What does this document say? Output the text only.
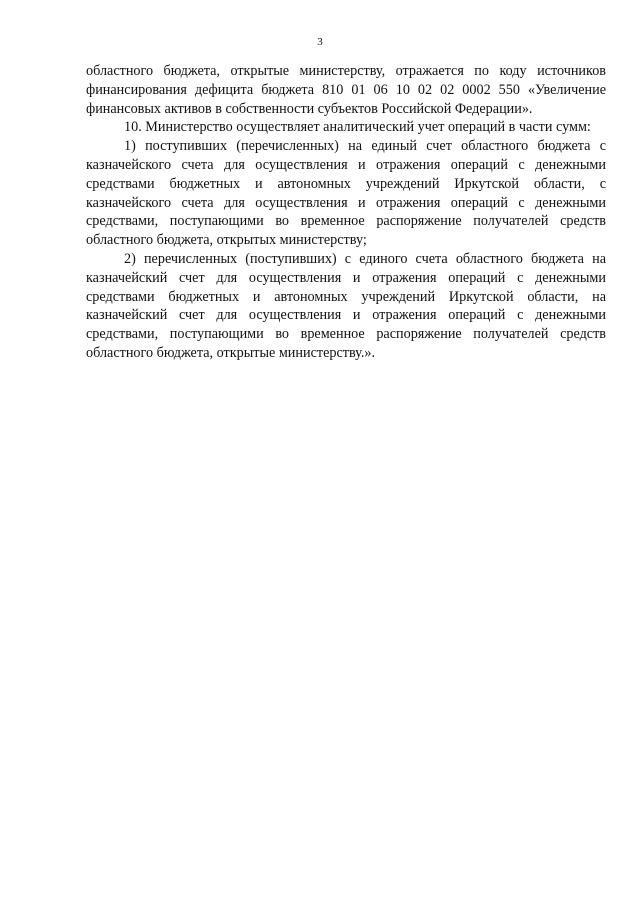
3

областного бюджета, открытые министерству, отражается по коду источников финансирования дефицита бюджета 810 01 06 10 02 02 0002 550 «Увеличение финансовых активов в собственности субъектов Российской Федерации».

10. Министерство осуществляет аналитический учет операций в части сумм:

1) поступивших (перечисленных) на единый счет областного бюджета с казначейского счета для осуществления и отражения операций с денежными средствами бюджетных и автономных учреждений Иркутской области, с казначейского счета для осуществления и отражения операций с денежными средствами, поступающими во временное распоряжение получателей средств областного бюджета, открытых министерству;

2) перечисленных (поступивших) с единого счета областного бюджета на казначейский счет для осуществления и отражения операций с денежными средствами бюджетных и автономных учреждений Иркутской области, на казначейский счет для осуществления и отражения операций с денежными средствами, поступающими во временное распоряжение получателей средств областного бюджета, открытые министерству.».
